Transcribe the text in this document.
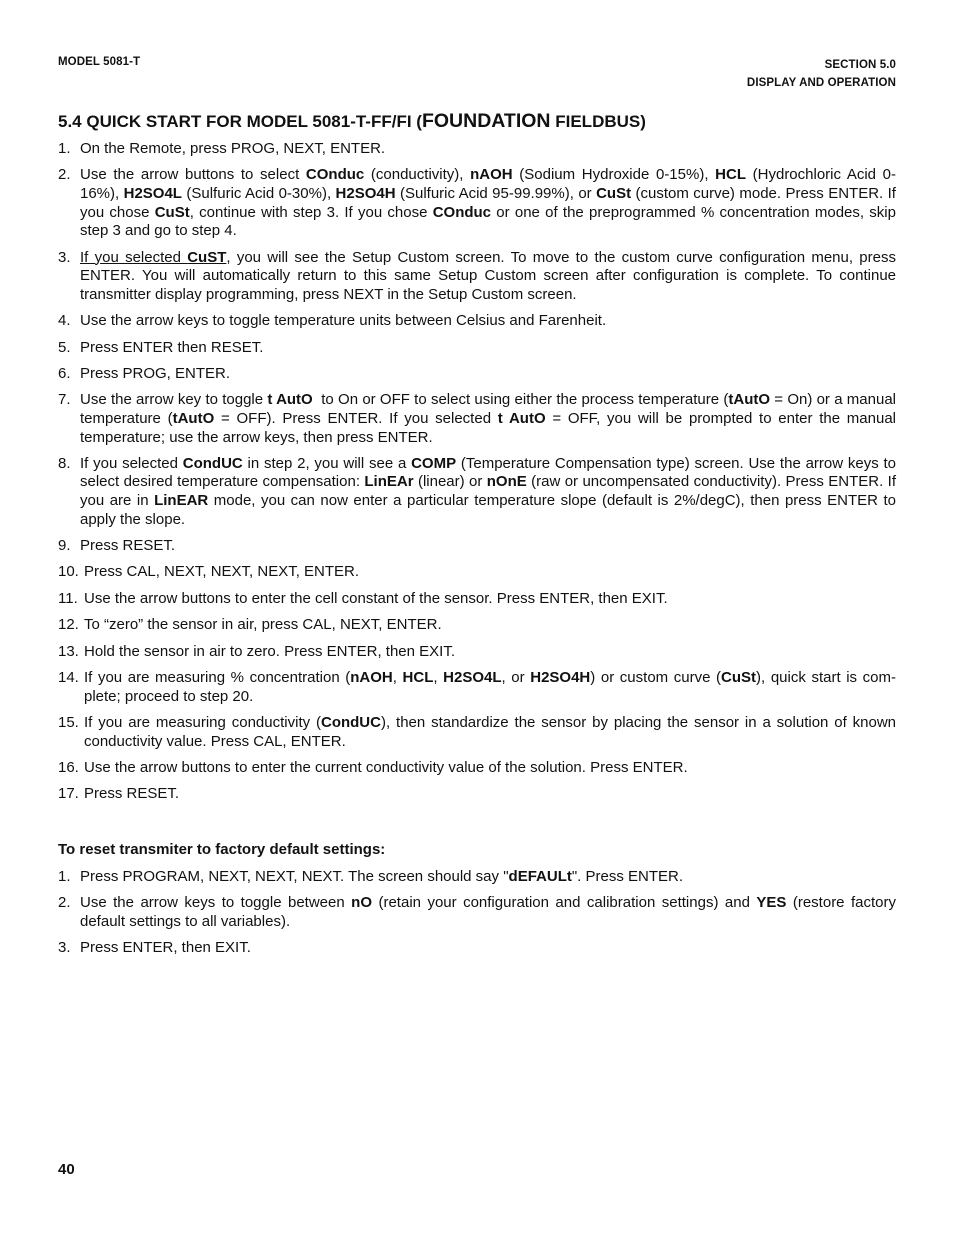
MODEL 5081-T	SECTION 5.0
DISPLAY AND OPERATION
5.4 QUICK START FOR MODEL 5081-T-FF/FI (FOUNDATION FIELDBUS)
1. On the Remote, press PROG, NEXT, ENTER.
2. Use the arrow buttons to select COnduc (conductivity), nAOH (Sodium Hydroxide 0-15%), HCL (Hydrochloric Acid 0-16%), H2SO4L (Sulfuric Acid 0-30%), H2SO4H (Sulfuric Acid 95-99.99%), or CuSt (custom curve) mode. Press ENTER. If you chose CuSt, continue with step 3. If you chose COnduc or one of the preprogrammed % concentration modes, skip step 3 and go to step 4.
3. If you selected CuST, you will see the Setup Custom screen. To move to the custom curve configuration menu, press ENTER. You will automatically return to this same Setup Custom screen after configuration is complete. To continue transmitter display programming, press NEXT in the Setup Custom screen.
4. Use the arrow keys to toggle temperature units between Celsius and Farenheit.
5. Press ENTER then RESET.
6. Press PROG, ENTER.
7. Use the arrow key to toggle t AutO  to On or OFF to select using either the process temperature (tAutO = On) or a manual temperature (tAutO = OFF). Press ENTER. If you selected t AutO = OFF, you will be prompted to enter the manual temperature; use the arrow keys, then press ENTER.
8. If you selected CondUC in step 2, you will see a COMP (Temperature Compensation type) screen. Use the arrow keys to select desired temperature compensation: LinEAr (linear) or nOnE (raw or uncompensated conductivity). Press ENTER. If you are in LinEAR mode, you can now enter a particular temperature slope (default is 2%/degC), then press ENTER to apply the slope.
9. Press RESET.
10. Press CAL, NEXT, NEXT, NEXT, ENTER.
11. Use the arrow buttons to enter the cell constant of the sensor. Press ENTER, then EXIT.
12. To “zero” the sensor in air, press CAL, NEXT, ENTER.
13. Hold the sensor in air to zero. Press ENTER, then EXIT.
14. If you are measuring % concentration (nAOH, HCL, H2SO4L, or H2SO4H) or custom curve (CuSt), quick start is com-plete; proceed to step 20.
15. If you are measuring conductivity (CondUC), then standardize the sensor by placing the sensor in a solution of known conductivity value. Press CAL, ENTER.
16. Use the arrow buttons to enter the current conductivity value of the solution. Press ENTER.
17. Press RESET.
To reset transmiter to factory default settings:
1. Press PROGRAM, NEXT, NEXT, NEXT. The screen should say "dEFAULt". Press ENTER.
2. Use the arrow keys to toggle between nO (retain your configuration and calibration settings) and YES (restore factory default settings to all variables).
3. Press ENTER, then EXIT.
40
